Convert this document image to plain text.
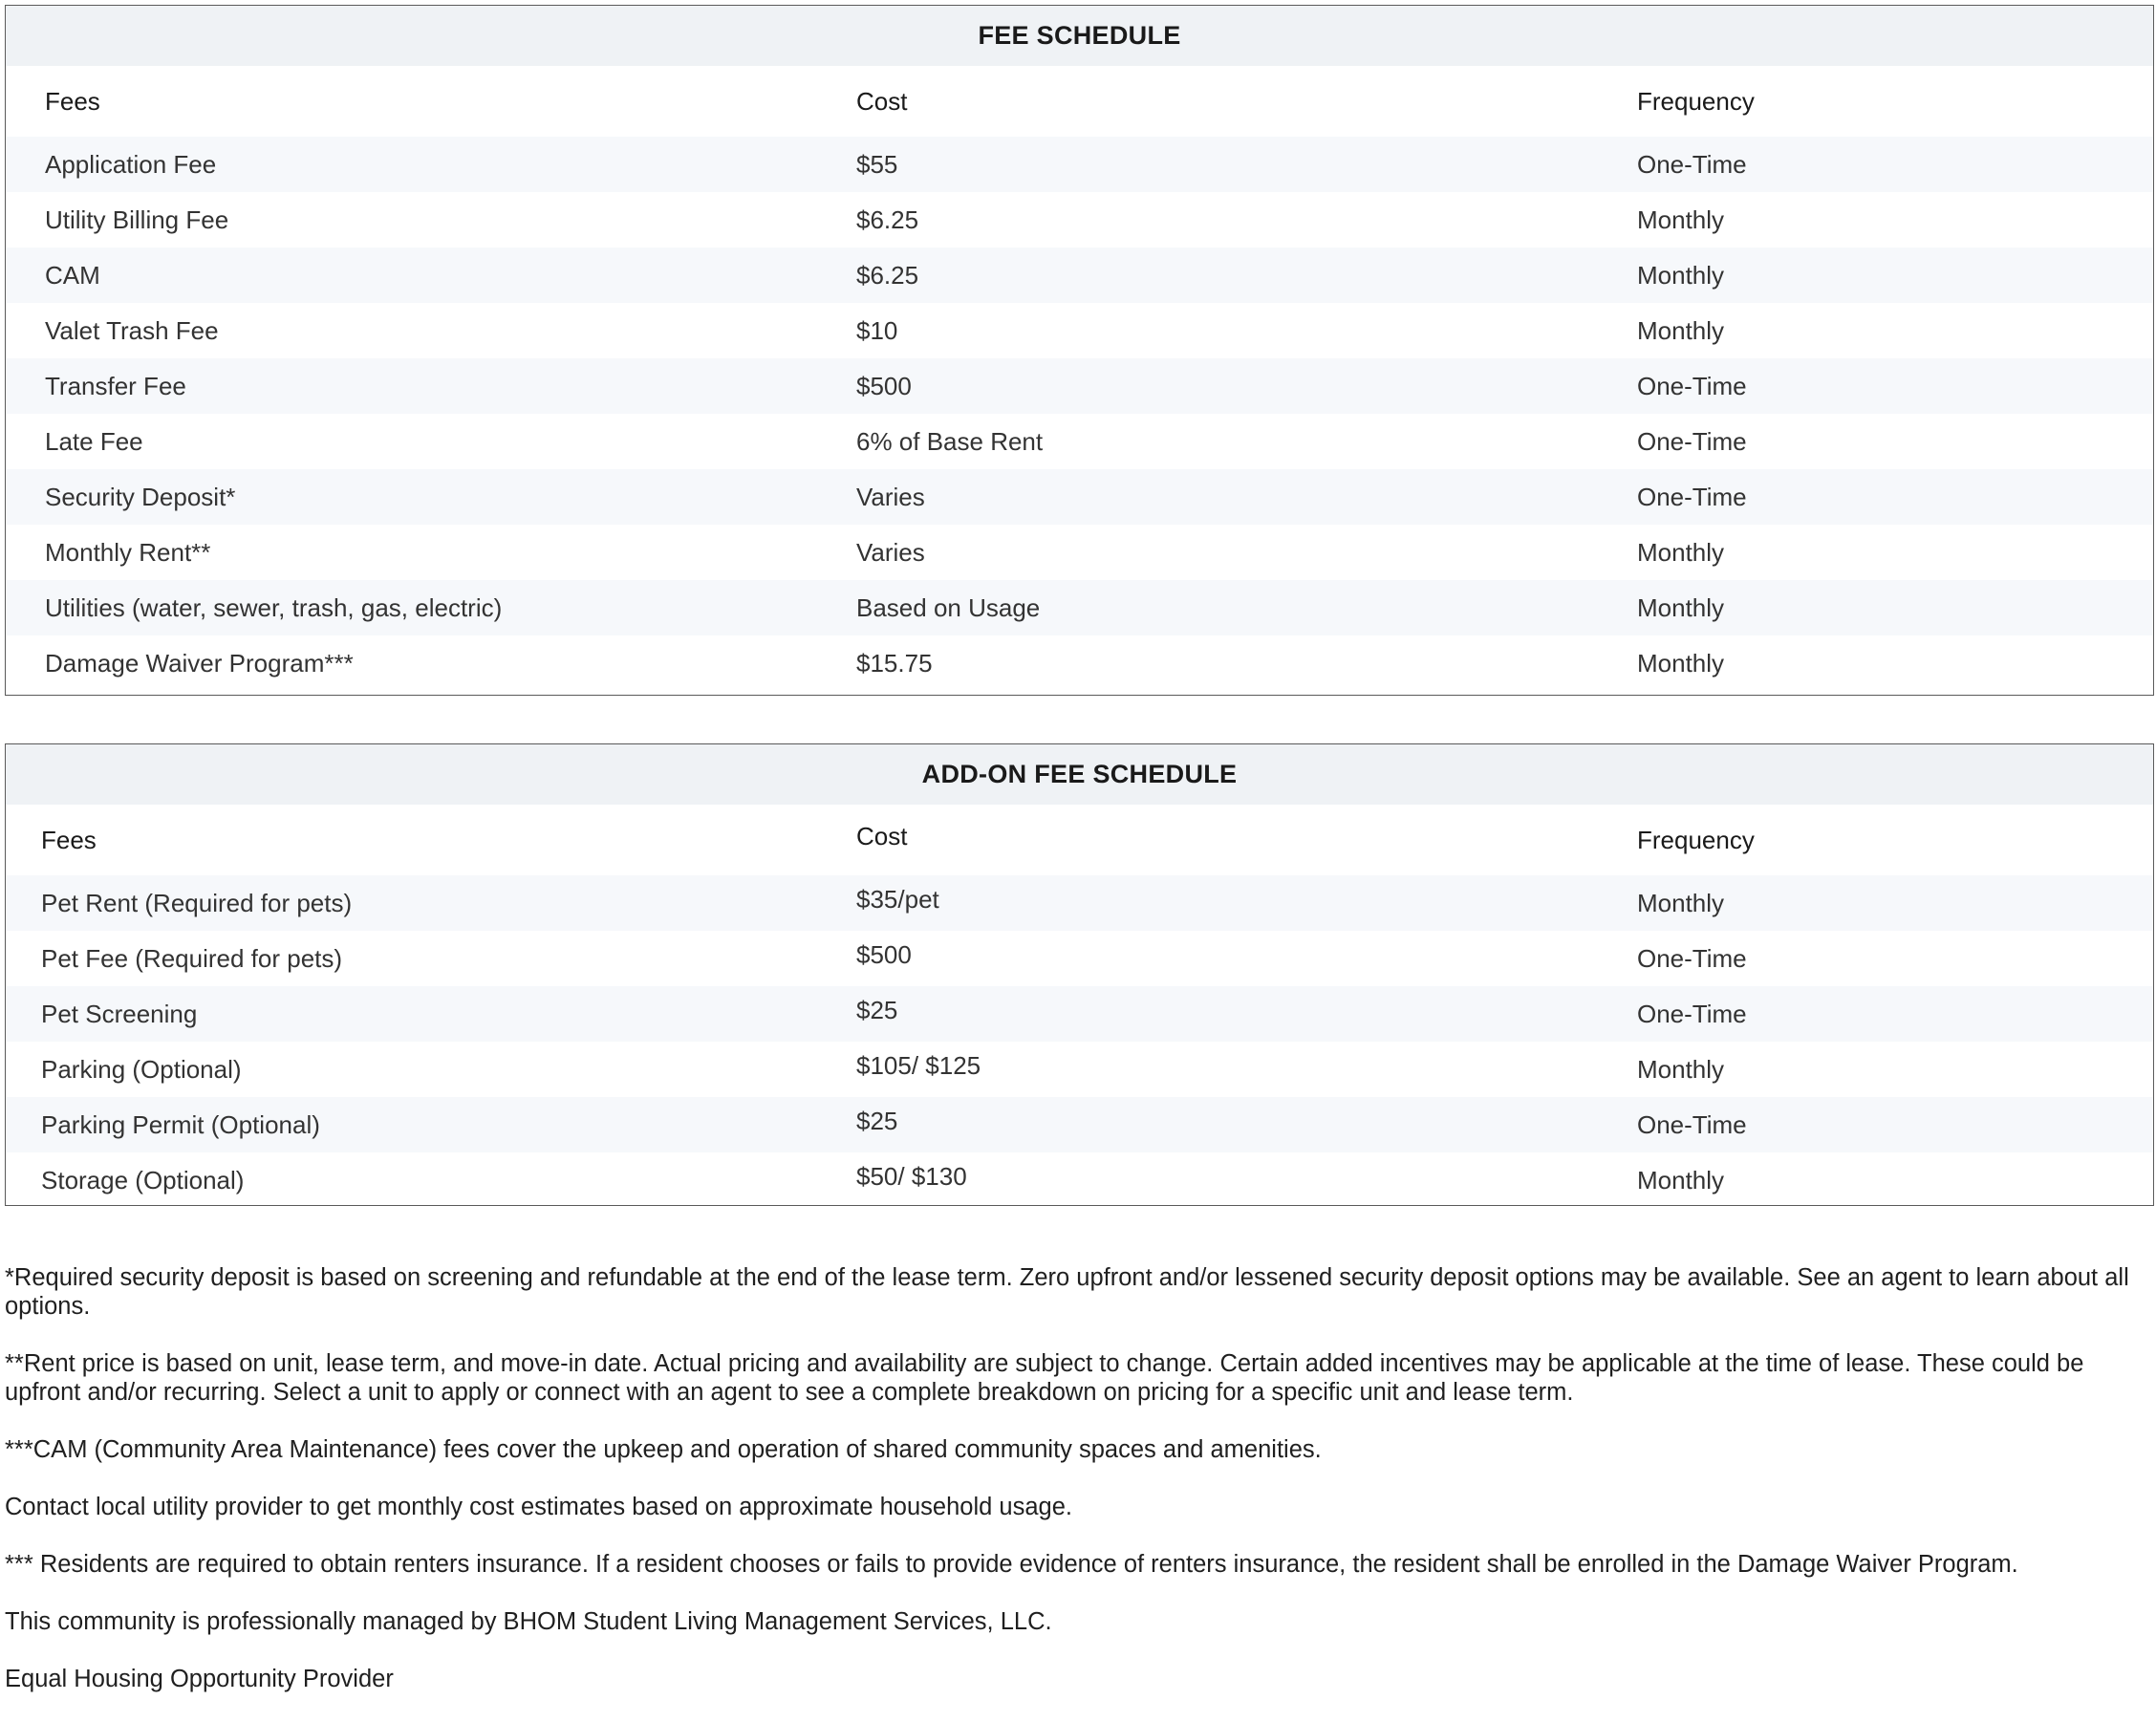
FEE SCHEDULE
Fees	Cost	Frequency
Application Fee	$55	One-Time
Utility Billing Fee	$6.25	Monthly
CAM	$6.25	Monthly
Valet Trash Fee	$10	Monthly
Transfer Fee	$500	One-Time
Late Fee	6% of Base Rent	One-Time
Security Deposit*	Varies	One-Time
Monthly Rent**	Varies	Monthly
Utilities (water, sewer, trash, gas, electric)	Based on Usage	Monthly
Damage Waiver Program***	$15.75	Monthly
ADD-ON FEE SCHEDULE
Fees	Cost	Frequency
Pet Rent (Required for pets)	$35/pet	Monthly
Pet Fee (Required for pets)	$500	One-Time
Pet Screening	$25	One-Time
Parking (Optional)	$105/ $125	Monthly
Parking Permit (Optional)	$25	One-Time
Storage (Optional)	$50/ $130	Monthly

*Required security deposit is based on screening and refundable at the end of the lease term. Zero upfront and/or lessened security deposit options may be available. See an agent to learn about all options.

**Rent price is based on unit, lease term, and move-in date. Actual pricing and availability are subject to change. Certain added incentives may be applicable at the time of lease. These could be upfront and/or recurring. Select a unit to apply or connect with an agent to see a complete breakdown on pricing for a specific unit and lease term.

***CAM (Community Area Maintenance) fees cover the upkeep and operation of shared community spaces and amenities.

Contact local utility provider to get monthly cost estimates based on approximate household usage.

*** Residents are required to obtain renters insurance. If a resident chooses or fails to provide evidence of renters insurance, the resident shall be enrolled in the Damage Waiver Program.

This community is professionally managed by BHOM Student Living Management Services, LLC.

Equal Housing Opportunity Provider
